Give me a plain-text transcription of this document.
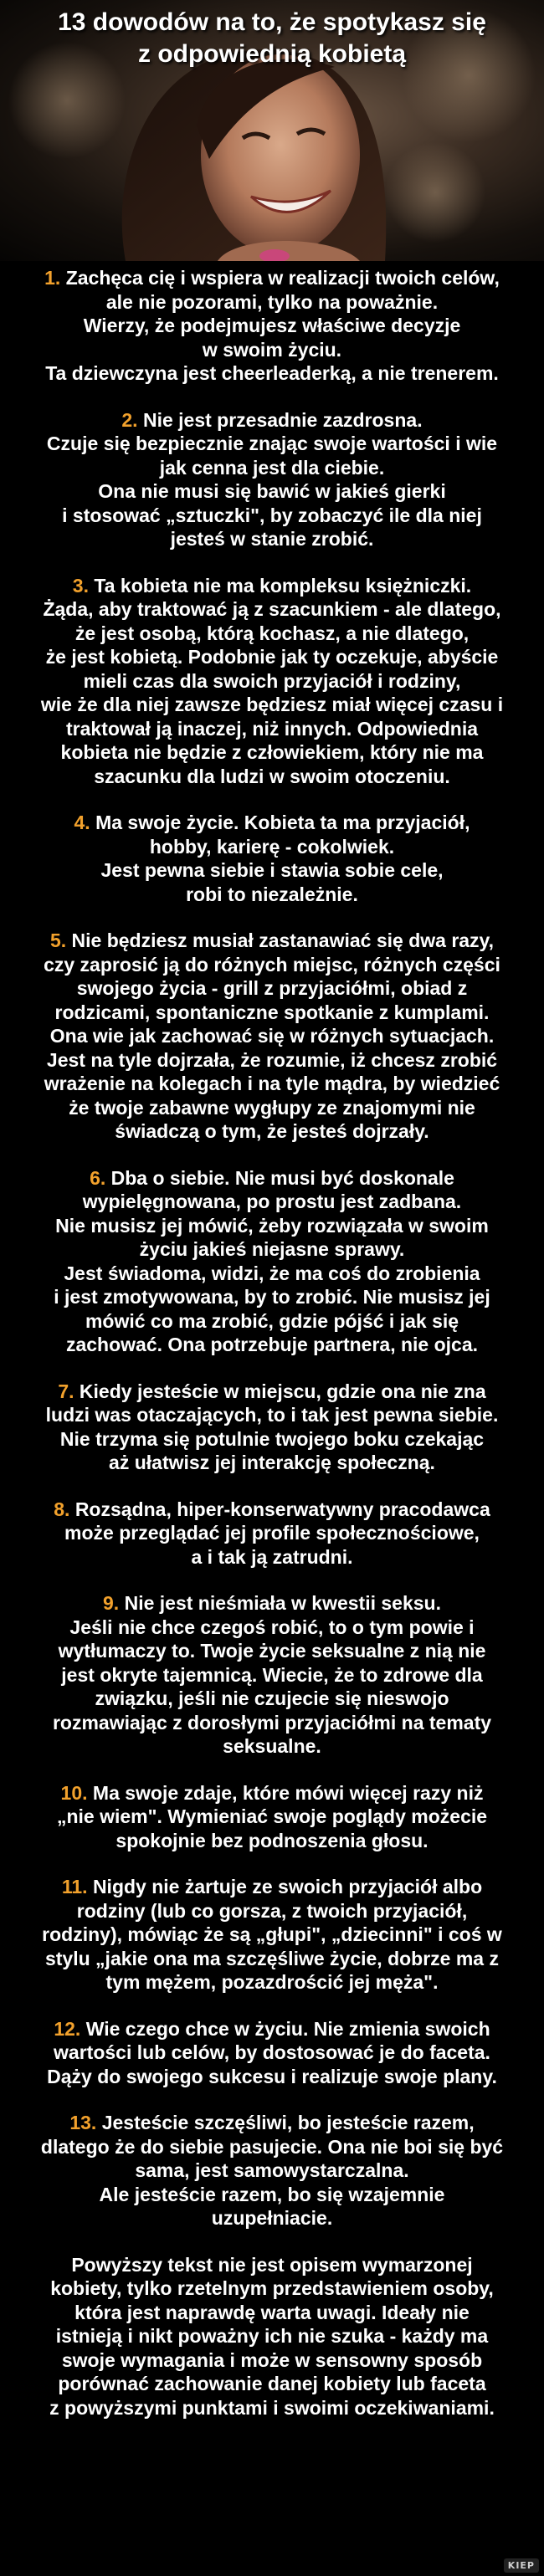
13 dowodów na to, że spotykasz się
z odpowiednią kobietą
1. Zachęca cię i wspiera w realizacji twoich celów,
ale nie pozorami, tylko na poważnie.
Wierzy, że podejmujesz właściwe decyzje
w swoim życiu.
Ta dziewczyna jest cheerleaderką, a nie trenerem.
2. Nie jest przesadnie zazdrosna.
Czuje się bezpiecznie znając swoje wartości i wie
jak cenna jest dla ciebie.
Ona nie musi się bawić w jakieś gierki
i stosować „sztuczki", by zobaczyć ile dla niej
jesteś w stanie zrobić.
3. Ta kobieta nie ma kompleksu księżniczki.
Żąda, aby traktować ją z szacunkiem - ale dlatego,
że jest osobą, którą kochasz, a nie dlatego,
że jest kobietą. Podobnie jak ty oczekuje, abyście
mieli czas dla swoich przyjaciół i rodziny,
wie że dla niej zawsze będziesz miał więcej czasu i
traktował ją inaczej, niż innych. Odpowiednia
kobieta nie będzie z człowiekiem, który nie ma
szacunku dla ludzi w swoim otoczeniu.
4. Ma swoje życie. Kobieta ta ma przyjaciół,
hobby, karierę - cokolwiek.
Jest pewna siebie i stawia sobie cele,
robi to niezależnie.
5. Nie będziesz musiał zastanawiać się dwa razy,
czy zaprosić ją do różnych miejsc, różnych części
swojego życia - grill z przyjaciółmi, obiad z
rodzicami, spontaniczne spotkanie z kumplami.
Ona wie jak zachować się w różnych sytuacjach.
Jest na tyle dojrzała, że rozumie, iż chcesz zrobić
wrażenie na kolegach i na tyle mądra, by wiedzieć
że twoje zabawne wygłupy ze znajomymi nie
świadczą o tym, że jesteś dojrzały.
6. Dba o siebie. Nie musi być doskonale
wypielęgnowana, po prostu jest zadbana.
Nie musisz jej mówić, żeby rozwiązała w swoim
życiu jakieś niejasne sprawy.
Jest świadoma, widzi, że ma coś do zrobienia
i jest zmotywowana, by to zrobić. Nie musisz jej
mówić co ma zrobić, gdzie pójść i jak się
zachować. Ona potrzebuje partnera, nie ojca.
7. Kiedy jesteście w miejscu, gdzie ona nie zna
ludzi was otaczających, to i tak jest pewna siebie.
Nie trzyma się potulnie twojego boku czekając
aż ułatwisz jej interakcję społeczną.
8. Rozsądna, hiper-konserwatywny pracodawca
może przeglądać jej profile społecznościowe,
a i tak ją zatrudni.
9. Nie jest nieśmiała w kwestii seksu.
Jeśli nie chce czegoś robić, to o tym powie i
wytłumaczy to. Twoje życie seksualne z nią nie
jest okryte tajemnicą. Wiecie, że to zdrowe dla
związku, jeśli nie czujecie się nieswojo
rozmawiając z dorosłymi przyjaciółmi na tematy
seksualne.
10. Ma swoje zdaje, które mówi więcej razy niż
„nie wiem". Wymieniać swoje poglądy możecie
spokojnie bez podnoszenia głosu.
11. Nigdy nie żartuje ze swoich przyjaciół albo
rodziny (lub co gorsza, z twoich przyjaciół,
rodziny), mówiąc że są „głupi", „dziecinni" i coś w
stylu „jakie ona ma szczęśliwe życie, dobrze ma z
tym mężem, pozazdrościć jej męża".
12. Wie czego chce w życiu. Nie zmienia swoich
wartości lub celów, by dostosować je do faceta.
Dąży do swojego sukcesu i realizuje swoje plany.
13. Jesteście szczęśliwi, bo jesteście razem,
dlatego że do siebie pasujecie. Ona nie boi się być
sama, jest samowystarczalna.
Ale jesteście razem, bo się wzajemnie
uzupełniacie.
Powyższy tekst nie jest opisem wymarzonej
kobiety, tylko rzetelnym przedstawieniem osoby,
która jest naprawdę warta uwagi. Ideały nie
istnieją i nikt poważny ich nie szuka - każdy ma
swoje wymagania i może w sensowny sposób
porównać zachowanie danej kobiety lub faceta
z powyższymi punktami i swoimi oczekiwaniami.
KIEP
